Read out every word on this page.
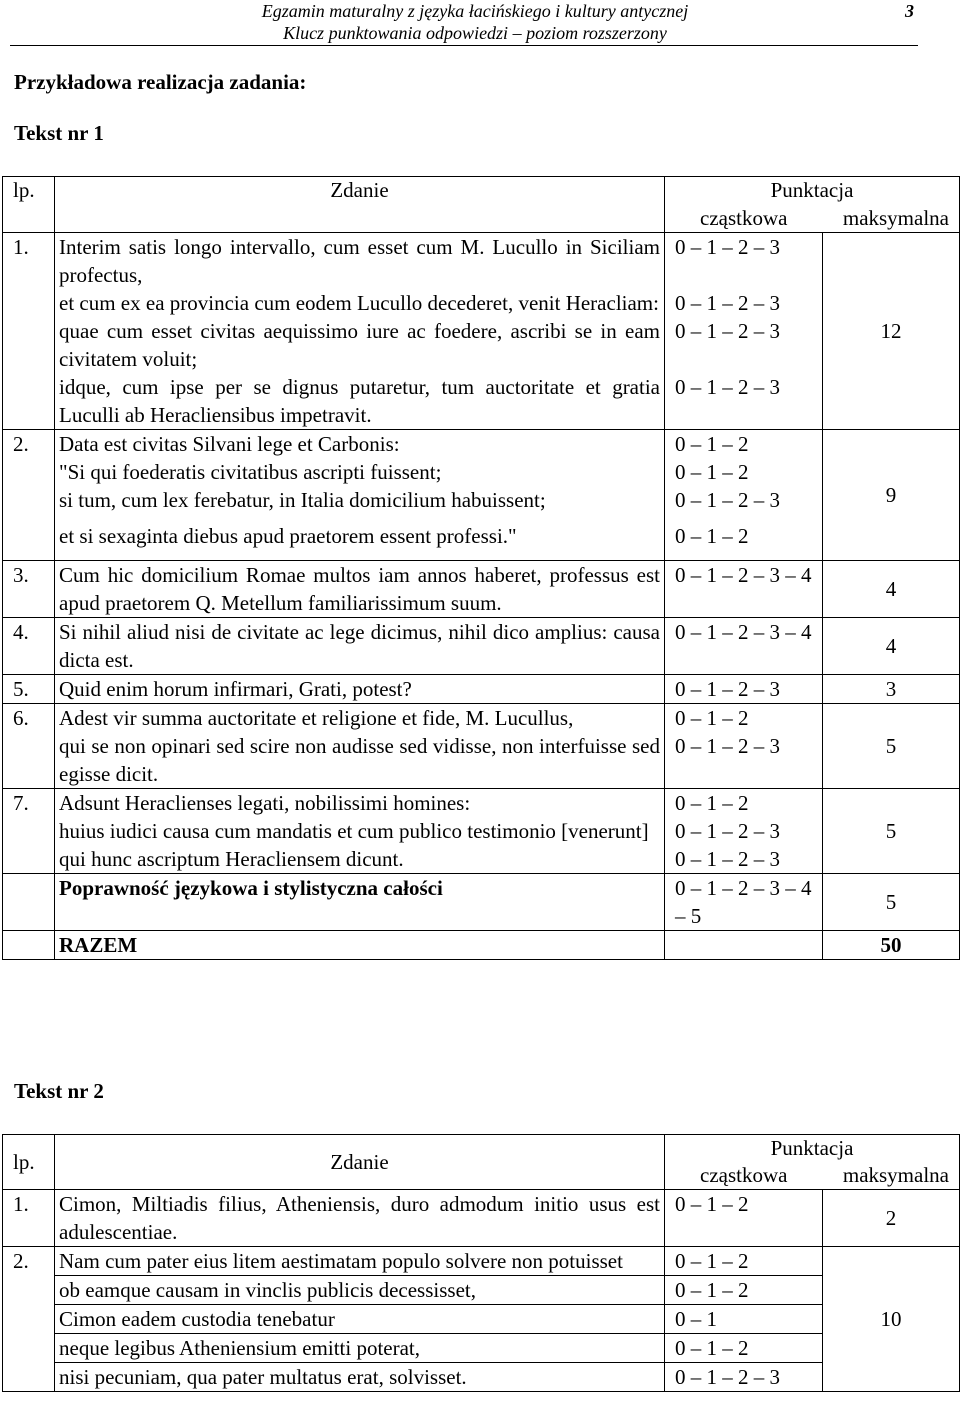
Egzamin maturalny z języka łacińskiego i kultury antycznej
Klucz punktowania odpowiedzi – poziom rozszerzony
3
Przykładowa realizacja zadania:
Tekst nr 1
lp.	Zdanie	Punktacja	
		cząstkowa	maksymalna
1.	Interim satis longo intervallo, cum esset cum M. Lucullo in Siciliam profectus,	0 – 1 – 2 – 3	12
	et cum ex ea provincia cum eodem Lucullo decederet, venit Heracliam:	0 – 1 – 2 – 3	
	quae cum esset civitas aequissimo iure ac foedere, ascribi se in eam civitatem voluit;	0 – 1 – 2 – 3	
	idque, cum ipse per se dignus putaretur, tum auctoritate et gratia Luculli ab Heracliensibus impetravit.	0 – 1 – 2 – 3	
2.	Data est civitas Silvani lege et Carbonis:	0 – 1 – 2	9
	"Si qui foederatis civitatibus ascripti fuissent;	0 – 1 – 2	
	si tum, cum lex ferebatur, in Italia domicilium habuissent;	0 – 1 – 2 – 3	
	et si sexaginta diebus apud praetorem essent professi."	0 – 1 – 2	
3.	Cum hic domicilium Romae multos iam annos haberet, professus est apud praetorem Q. Metellum familiarissimum suum.	0 – 1 – 2 – 3 – 4	4
4.	Si nihil aliud nisi de civitate ac lege dicimus, nihil dico amplius: causa dicta est.	0 – 1 – 2 – 3 – 4	4
5.	Quid enim horum infirmari, Grati, potest?	0 – 1 – 2 – 3	3
6.	Adest vir summa auctoritate et religione et fide, M. Lucullus,	0 – 1 – 2	5
	qui se non opinari sed scire non audisse sed vidisse, non interfuisse sed egisse dicit.	0 – 1 – 2 – 3	
7.	Adsunt Heraclienses legati, nobilissimi homines:	0 – 1 – 2	5
	huius iudici causa cum mandatis et cum publico testimonio [venerunt]	0 – 1 – 2 – 3	
	qui hunc ascriptum Heracliensem dicunt.	0 – 1 – 2 – 3	
	Poprawność językowa i stylistyczna całości	0 – 1 – 2 – 3 – 4 – 5	5
	RAZEM		50
Tekst nr 2
lp.	Zdanie	Punktacja	
		cząstkowa	maksymalna
1.	Cimon, Miltiadis filius, Atheniensis, duro admodum initio usus est adulescentiae.	0 – 1 – 2	2
2.	Nam cum pater eius litem aestimatam populo solvere non potuisset	0 – 1 – 2	10
	ob eamque causam in vinclis publicis decessisset,	0 – 1 – 2	
	Cimon eadem custodia tenebatur	0 – 1	
	neque legibus Atheniensium emitti poterat,	0 – 1 – 2	
	nisi pecuniam, qua pater multatus erat, solvisset.	0 – 1 – 2 – 3	
